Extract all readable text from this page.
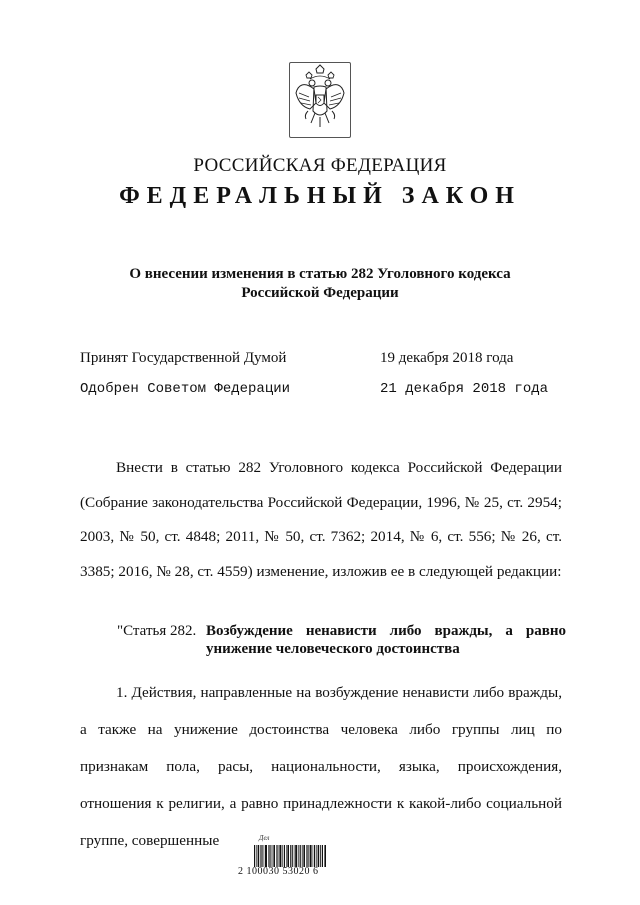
РОССИЙСКАЯ ФЕДЕРАЦИЯ
ФЕДЕРАЛЬНЫЙ ЗАКОН
О внесении изменения в статью 282 Уголовного кодекса
Российской Федерации
Принят Государственной Думой	19 декабря 2018 года
Одобрен Советом Федерации	21 декабря 2018 года
Внести в статью 282 Уголовного кодекса Российской Федерации (Собрание законодательства Российской Федерации, 1996, № 25, ст. 2954; 2003, № 50, ст. 4848; 2011, № 50, ст. 7362; 2014, № 6, ст. 556; № 26, ст. 3385; 2016, № 28, ст. 4559) изменение, изложив ее в следующей редакции:
"Статья 282. Возбуждение ненависти либо вражды, а равно унижение человеческого достоинства
1. Действия, направленные на возбуждение ненависти либо вражды, а также на унижение достоинства человека либо группы лиц по признакам пола, расы, национальности, языка, происхождения, отношения к религии, а равно принадлежности к какой-либо социальной группе, совершенные	Дел
2 100030 53020 6
